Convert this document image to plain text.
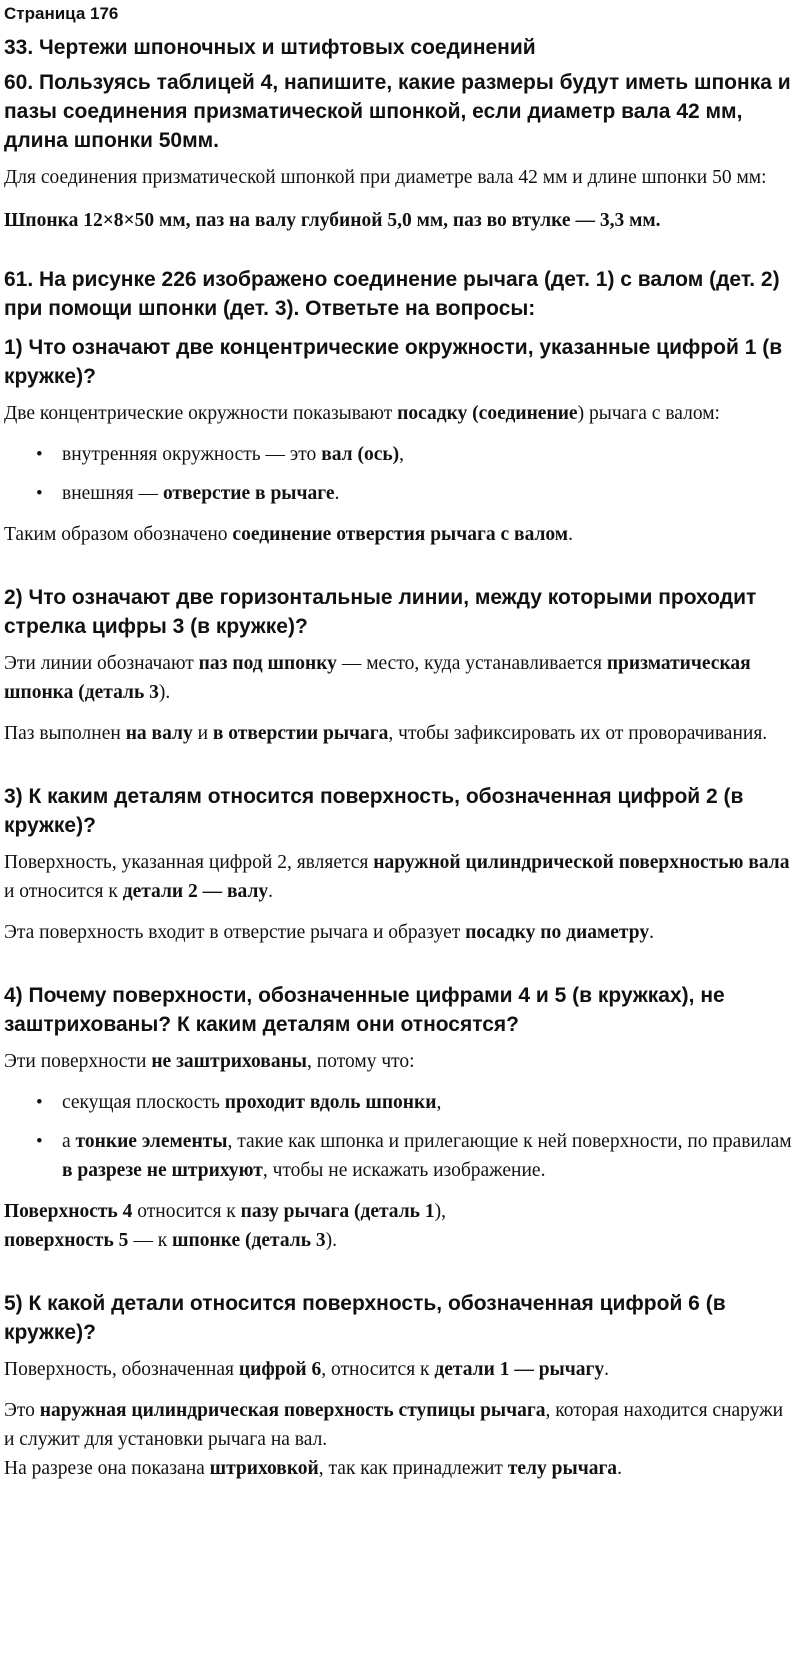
Страница 176
33. Чертежи шпоночных и штифтовых соединений
60. Пользуясь таблицей 4, напишите, какие размеры будут иметь шпонка и пазы соединения призматической шпонкой, если диаметр вала 42 мм, длина шпонки 50мм.

Для соединения призматической шпонкой при диаметре вала 42 мм и длине шпонки 50 мм:

Шпонка 12×8×50 мм, паз на валу глубиной 5,0 мм, паз во втулке — 3,3 мм.

61. На рисунке 226 изображено соединение рычага (дет. 1) с валом (дет. 2) при помощи шпонки (дет. 3). Ответьте на вопросы:
1) Что означают две концентрические окружности, указанные цифрой 1 (в кружке)?

Две концентрические окружности показывают посадку (соединение) рычага с валом:

• внутренняя окружность — это вал (ось),
• внешняя — отверстие в рычаге.

Таким образом обозначено соединение отверстия рычага с валом.

2) Что означают две горизонтальные линии, между которыми проходит стрелка цифры 3 (в кружке)?

Эти линии обозначают паз под шпонку — место, куда устанавливается призматическая шпонка (деталь 3).

Паз выполнен на валу и в отверстии рычага, чтобы зафиксировать их от проворачивания.

3) К каким деталям относится поверхность, обозначенная цифрой 2 (в кружке)?

Поверхность, указанная цифрой 2, является наружной цилиндрической поверхностью вала и относится к детали 2 — валу.

Эта поверхность входит в отверстие рычага и образует посадку по диаметру.

4) Почему поверхности, обозначенные цифрами 4 и 5 (в кружках), не заштрихованы? К каким деталям они относятся?

Эти поверхности не заштрихованы, потому что:

• секущая плоскость проходит вдоль шпонки,
• а тонкие элементы, такие как шпонка и прилегающие к ней поверхности, по правилам в разрезе не штрихуют, чтобы не искажать изображение.

Поверхность 4 относится к пазу рычага (деталь 1),
поверхность 5 — к шпонке (деталь 3).

5) К какой детали относится поверхность, обозначенная цифрой 6 (в кружке)?

Поверхность, обозначенная цифрой 6, относится к детали 1 — рычагу.

Это наружная цилиндрическая поверхность ступицы рычага, которая находится снаружи и служит для установки рычага на вал.
На разрезе она показана штриховкой, так как принадлежит телу рычага.
